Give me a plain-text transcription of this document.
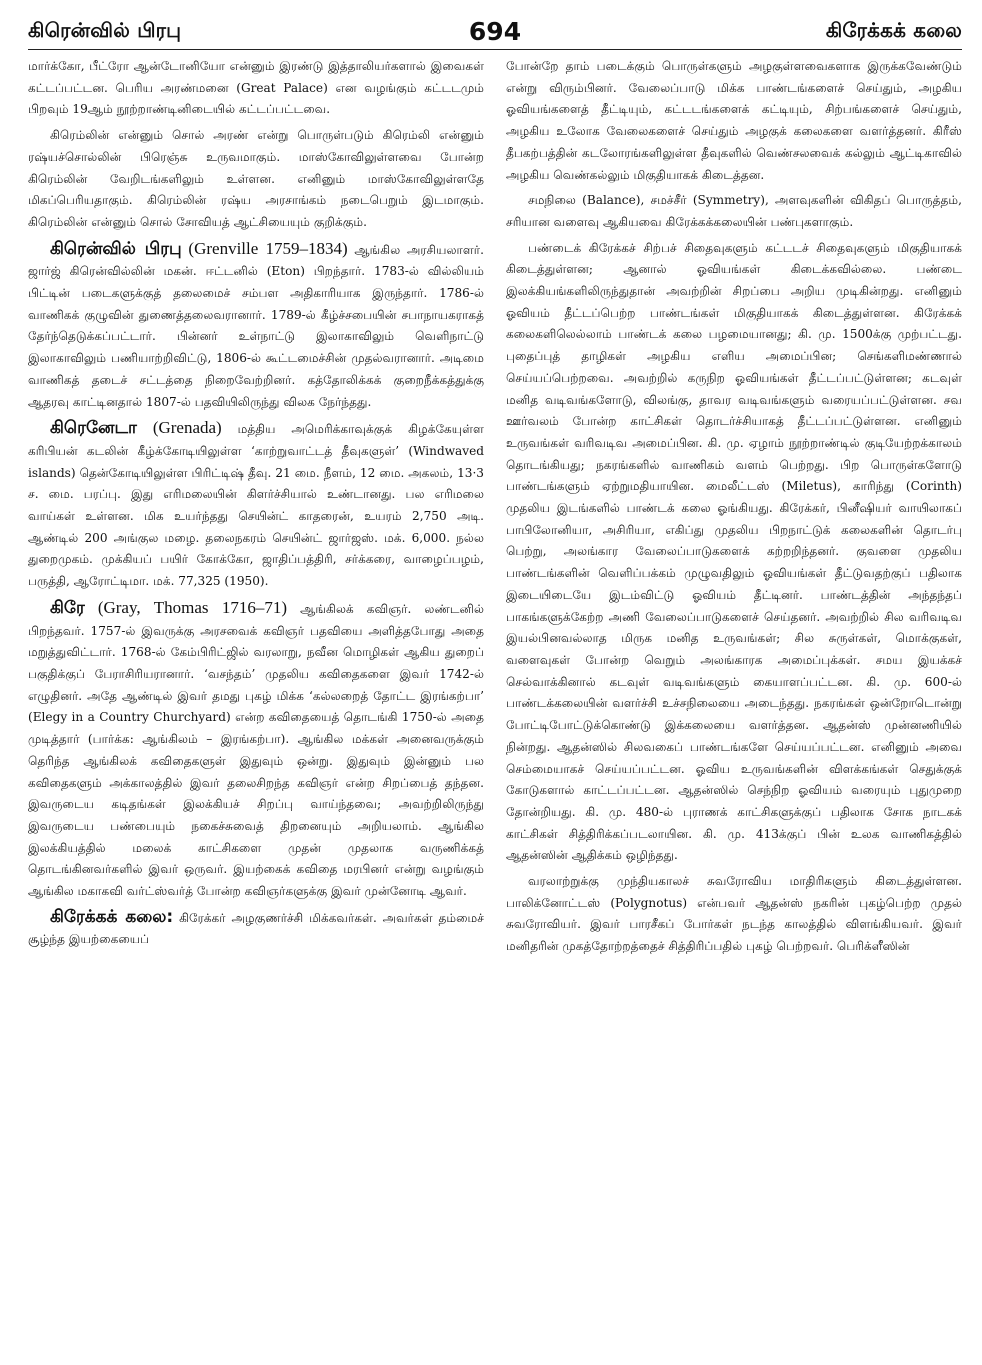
கிரென்வில் பிரபு	694	கிரேக்கக் கலை

மார்க்கோ, பீட்ரோ ஆன்டோனியோ என்னும் இரண்டு இத்தாலியர்களால் இவைகள் கட்டப்பட்டன. பெரிய அரண்மனை (Great Palace) என வழங்கும் கட்டடமும் பிறவும் 19ஆம் நூற்றாண்டினிடையில் கட்டப்பட்டவை.

கிரெம்லின் என்னும் சொல் அரண் என்று பொருள்படும் கிரெம்லி என்னும் ரஷ்யச்சொல்லின் பிரெஞ்சு உருவமாகும். மாஸ்கோவிலுள்ளவை போன்ற கிரெம்லின் வேறிடங்களிலும் உள்ளன. எனினும் மாஸ்கோவிலுள்ளதே மிகப்பெரியதாகும். கிரெம்லின் ரஷ்ய அரசாங்கம் நடைபெறும் இடமாகும். கிரெம்லின் என்னும் சொல் சோவியத் ஆட்சியையும் குறிக்கும்.

கிரென்வில் பிரபு (Grenville 1759–1834) ஆங்கில அரசியலாளர். ஜார்ஜ் கிரென்வில்லின் மகன். ஈட்டனில் (Eton) பிறந்தார். 1783-ல் வில்லியம் பிட்டின் படைகளுக்குத் தலைமைச் சம்பள அதிகாரியாக இருந்தார். 1786-ல் வாணிகக் குழுவின் துணைத்தலைவரானார். 1789-ல் கீழ்ச்சபையின் சபாநாயகராகத் தேர்ந்தெடுக்கப்பட்டார். பின்னர் உள்நாட்டு இலாகாவிலும் வெளிநாட்டு இலாகாவிலும் பணியாற்றிவிட்டு, 1806-ல் கூட்டமைச்சின் முதல்வரானார். அடிமை வாணிகத் தடைச் சட்டத்தை நிறைவேற்றினர். கத்தோலிக்கக் குறைநீக்கத்துக்கு ஆதரவு காட்டினதால் 1807-ல் பதவியிலிருந்து விலக நேர்ந்தது.

கிரெனேடா (Grenada) மத்திய அமெரிக்காவுக்குக் கிழக்கேயுள்ள கரிபியன் கடலின் கீழ்க்கோடியிலுள்ள ‘காற்றுவாட்டத் தீவுகளுள்’ (Windwaved islands) தென்கோடியிலுள்ள பிரிட்டிஷ் தீவு. 21 மை. நீளம், 12 மை. அகலம், 13·3 ச. மை. பரப்பு. இது எரிமலையின் கிளர்ச்சியால் உண்டானது. பல எரிமலை வாய்கள் உள்ளன. மிக உயர்ந்தது செயின்ட் காதரைன், உயரம் 2,750 அடி. ஆண்டில் 200 அங்குல மழை. தலைநகரம் செயின்ட் ஜார்ஜஸ். மக். 6,000. நல்ல துறைமுகம். முக்கியப் பயிர் கோக்கோ, ஜாதிப்பத்திரி, சர்க்கரை, வாழைப்பழம், பருத்தி, ஆரோட்டிமா. மக். 77,325 (1950).

கிரே (Gray, Thomas 1716–71) ஆங்கிலக் கவிஞர். லண்டனில் பிறந்தவர். 1757-ல் இவருக்கு அரசவைக் கவிஞர் பதவியை அளித்தபோது அதை மறுத்துவிட்டார். 1768-ல் கேம்பிரிட்ஜில் வரலாறு, நவீன மொழிகள் ஆகிய துறைப் பகுதிக்குப் பேராசிரியரானார். ‘வசந்தம்’ முதலிய கவிதைகளை இவர் 1742-ல் எழுதினர். அதே ஆண்டில் இவர் தமது புகழ் மிக்க ‘கல்லறைத் தோட்ட இரங்கற்பா’ (Elegy in a Country Churchyard) என்ற கவிதையைத் தொடங்கி 1750-ல் அதை முடித்தார் (பார்க்க: ஆங்கிலம் – இரங்கற்பா). ஆங்கில மக்கள் அனைவருக்கும் தெரிந்த ஆங்கிலக் கவிதைகளுள் இதுவும் ஒன்று. இதுவும் இன்னும் பல கவிதைகளும் அக்காலத்தில் இவர் தலைசிறந்த கவிஞர் என்ற சிறப்பைத் தந்தன. இவருடைய கடிதங்கள் இலக்கியச் சிறப்பு வாய்ந்தவை; அவற்றிலிருந்து இவருடைய பண்பையும் நகைச்சுவைத் திறனையும் அறியலாம். ஆங்கில இலக்கியத்தில் மலைக் காட்சிகளை முதன் முதலாக வருணிக்கத் தொடங்கினவர்களில் இவர் ஒருவர். இயற்கைக் கவிதை மரபினர் என்று வழங்கும் ஆங்கில மகாகவி வர்ட்ஸ்வர்த் போன்ற கவிஞர்களுக்கு இவர் முன்னோடி ஆவர்.

கிரேக்கக் கலை: கிரேக்கர் அழகுணர்ச்சி மிக்கவர்கள். அவர்கள் தம்மைச் சூழ்ந்த இயற்கையைப்

போன்றே தாம் படைக்கும் பொருள்களும் அழகுள்ளவைகளாக இருக்கவேண்டும் என்று விரும்பினர். வேலைப்பாடு மிக்க பாண்டங்களைச் செய்தும், அழகிய ஓவியங்களைத் தீட்டியும், கட்டடங்களைக் கட்டியும், சிற்பங்களைச் செய்தும், அழகிய உலோக வேலைகளைச் செய்தும் அழகுக் கலைகளை வளர்த்தனர். கிரீஸ் தீபகற்பத்தின் கடலோரங்களிலுள்ள தீவுகளில் வெண்சலவைக் கல்லும் ஆட்டிகாவில் அழகிய வெண்கல்லும் மிகுதியாகக் கிடைத்தன.

சமநிலை (Balance), சமச்சீர் (Symmetry), அளவுகளின் விகிதப் பொருத்தம், சரியான வளைவு ஆகியவை கிரேக்கக்கலையின் பண்புகளாகும்.

பண்டைக் கிரேக்கச் சிற்பச் சிதைவுகளும் கட்டடச் சிதைவுகளும் மிகுதியாகக் கிடைத்துள்ளன; ஆனால் ஓவியங்கள் கிடைக்கவில்லை. பண்டை இலக்கியங்களிலிருந்துதான் அவற்றின் சிறப்பை அறிய முடிகின்றது. எனினும் ஓவியம் தீட்டப்பெற்ற பாண்டங்கள் மிகுதியாகக் கிடைத்துள்ளன. கிரேக்கக் கலைகளிலெல்லாம் பாண்டக் கலை பழமையானது; கி. மு. 1500க்கு முற்பட்டது. புதைப்புத் தாழிகள் அழகிய எளிய அமைப்பின; செங்களிமண்ணால் செய்யப்பெற்றவை. அவற்றில் கருநிற ஓவியங்கள் தீட்டப்பட்டுள்ளன; கடவுள் மனித வடிவங்களோடு, விலங்கு, தாவர வடிவங்களும் வரையப்பட்டுள்ளன. சவ ஊர்வலம் போன்ற காட்சிகள் தொடர்ச்சியாகத் தீட்டப்பட்டுள்ளன. எனினும் உருவங்கள் வரிவடிவ அமைப்பின. கி. மு. ஏழாம் நூற்றாண்டில் குடியேற்றக்காலம் தொடங்கியது; நகரங்களில் வாணிகம் வளம் பெற்றது. பிற பொருள்களோடு பாண்டங்களும் ஏற்றுமதியாயின. மைலீட்டஸ் (Miletus), காரிந்து (Corinth) முதலிய இடங்களில் பாண்டக் கலை ஓங்கியது. கிரேக்கர், பினீஷியர் வாயிலாகப் பாபிலோனியா, அசிரியா, எகிப்து முதலிய பிறநாட்டுக் கலைகளின் தொடர்பு பெற்று, அலங்கார வேலைப்பாடுகளைக் கற்றறிந்தனர். குவளை முதலிய பாண்டங்களின் வெளிப்பக்கம் முழுவதிலும் ஓவியங்கள் தீட்டுவதற்குப் பதிலாக இடையிடையே இடம்விட்டு ஓவியம் தீட்டினர். பாண்டத்தின் அந்தந்தப் பாகங்களுக்கேற்ற அணி வேலைப்பாடுகளைச் செய்தனர். அவற்றில் சில வரிவடிவ இயல்பினவல்லாத மிருக மனித உருவங்கள்; சில சுருள்கள், மொக்குகள், வளைவுகள் போன்ற வெறும் அலங்காரக அமைப்புக்கள். சமய இயக்கச் செல்வாக்கினால் கடவுள் வடிவங்களும் கையாளப்பட்டன. கி. மு. 600-ல் பாண்டக்கலையின் வளர்ச்சி உச்சநிலையை அடைந்தது. நகரங்கள் ஒன்றோடொன்று போட்டிபோட்டுக்கொண்டு இக்கலையை வளர்த்தன. ஆதன்ஸ் முன்னணியில் நின்றது. ஆதன்ஸில் சிலவகைப் பாண்டங்களே செய்யப்பட்டன. எனினும் அவை செம்மையாகச் செய்யப்பட்டன. ஓவிய உருவங்களின் விளக்கங்கள் செதுக்குக் கோடுகளால் காட்டப்பட்டன. ஆதன்ஸில் செந்நிற ஓவியம் வரையும் புதுமுறை தோன்றியது. கி. மு. 480-ல் புராணக் காட்சிகளுக்குப் பதிலாக சோக நாடகக் காட்சிகள் சித்திரிக்கப்படலாயின. கி. மு. 413க்குப் பின் உலக வாணிகத்தில் ஆதன்ஸின் ஆதிக்கம் ஒழிந்தது.

வரலாற்றுக்கு முந்தியகாலச் சுவரோவிய மாதிரிகளும் கிடைத்துள்ளன. பாலிக்னோட்டஸ் (Polygnotus) என்பவர் ஆதன்ஸ் நகரின் புகழ்பெற்ற முதல் சுவரோவியர். இவர் பாரசீகப் போர்கள் நடந்த காலத்தில் விளங்கியவர். இவர் மனிதரின் முகத்தோற்றத்தைச் சித்திரிப்பதில் புகழ் பெற்றவர். பெரிக்ளீஸின்
